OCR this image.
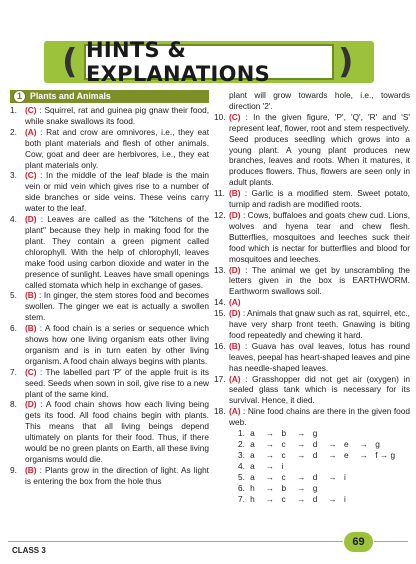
( HINTS & EXPLANATIONS	)
1 Plants and Animals
1. (C) : Squirrel, rat and guinea pig gnaw their food, while snake swallows its food.
2. (A) : Rat and crow are omnivores, i.e., they eat both plant materials and flesh of other animals. Cow, goat and deer are herbivores, i.e., they eat plant materials only.
3. (C) : In the middle of the leaf blade is the main vein or mid vein which gives rise to a number of side branches or side veins. These veins carry water to the leaf.
4. (D) : Leaves are called as the "kitchens of the plant" because they help in making food for the plant. They contain a green pigment called chlorophyll. With the help of chlorophyll, leaves make food using carbon dioxide and water in the presence of sunlight. Leaves have small openings called stomata which help in exchange of gases.
5. (B) : In ginger, the stem stores food and becomes swollen. The ginger we eat is actually a swollen stem.
6. (B) : A food chain is a series or sequence which shows how one living organism eats other living organism and is in turn eaten by other living organism. A food chain always begins with plants.
7. (C) : The labelled part 'P' of the apple fruit is its seed. Seeds when sown in soil, give rise to a new plant of the same kind.
8. (D) : A food chain shows how each living being gets its food. All food chains begin with plants. This means that all living beings depend ultimately on plants for their food. Thus, if there would be no green plants on Earth, all these living organisms would die.
9. (B) : Plants grow in the direction of light. As light is entering the box from the hole thus
plant will grow towards hole, i.e., towards direction '2'.
10. (C) : In the given figure, 'P', 'Q', 'R' and 'S' represent leaf, flower, root and stem respectively. Seed produces seedling which grows into a young plant. A young plant produces new branches, leaves and roots. When it matures, it produces flowers. Thus, flowers are seen only in adult plants.
11. (B) : Garlic is a modified stem. Sweet potato, turnip and radish are modified roots.
12. (D) : Cows, buffaloes and goats chew cud. Lions, wolves and hyena tear and chew flesh. Butterflies, mosquitoes and leeches suck their food which is nectar for butterflies and blood for mosquitoes and leeches.
13. (D) : The animal we get by unscrambling the letters given in the box is EARTHWORM. Earthworm swallows soil.
14. (A)
15. (D) : Animals that gnaw such as rat, squirrel, etc., have very sharp front teeth. Gnawing is biting food repeatedly and chewing it hard.
16. (B) : Guava has oval leaves, lotus has round leaves, peepal has heart-shaped leaves and pine has needle-shaped leaves.
17. (A) : Grasshopper did not get air (oxygen) in sealed glass tank which is necessary for its survival. Hence, it died.
18. (A) : Nine food chains are there in the given food web.
1. a	→ b	→ g
2. a	→ c	→ d	→ e	→ g
3. a	→ c	→ d	→ e	→ f → g
4. a	→ i
5. a	→ c	→ d	→ i
6. h	→ b	→ g
7. h	→ c	→ d	→ i
CLASS 3
69
